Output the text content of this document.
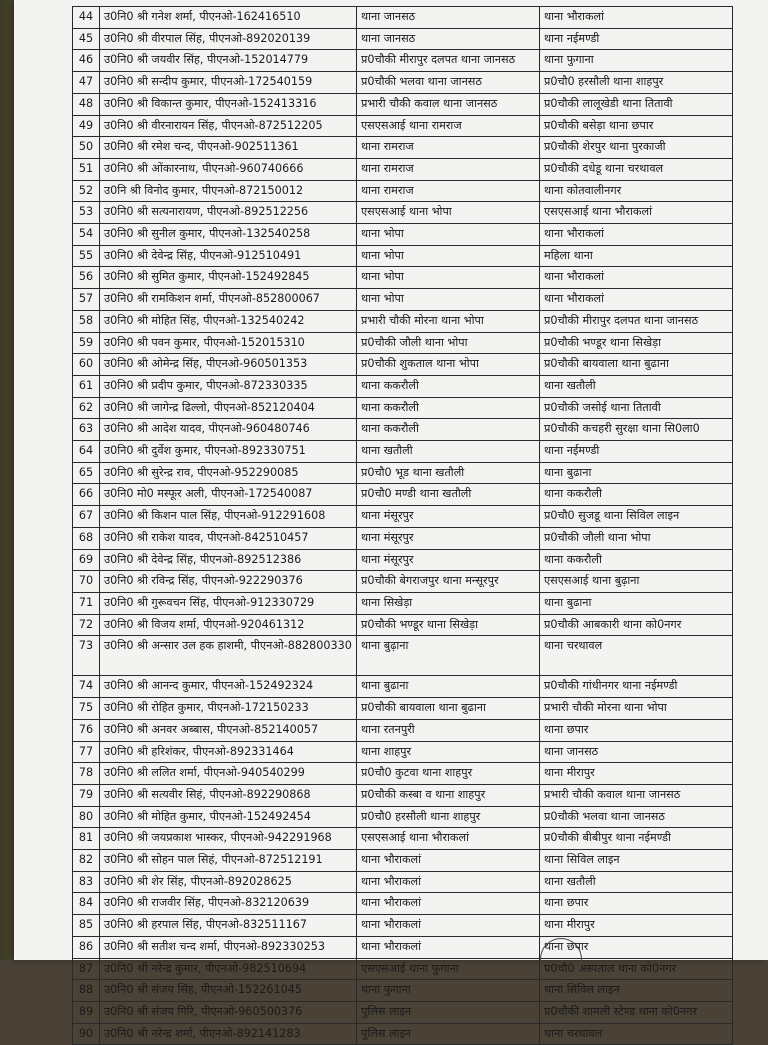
44	उ0नि0 श्री गनेश शर्मा, पीएनओ-162416510	थाना जानसठ	थाना भौराकलां
45	उ0नि0 श्री वीरपाल सिंह, पीएनओ-892020139	थाना जानसठ	थाना नईमण्डी
46	उ0नि0 श्री जयवीर सिंह, पीएनओ-152014779	प्र0चौकी मीरापुर दलपत थाना जानसठ	थाना फुगाना
47	उ0नि0 श्री सन्दीप कुमार, पीएनओ-172540159	प्र0चौकी भलवा थाना जानसठ	प्र0चौ0 हरसौली थाना शाहपुर
48	उ0नि0 श्री विकान्त कुमार, पीएनओ-152413316	प्रभारी चौकी कवाल थाना जानसठ	प्र0चौकी लालूखेडी थाना तितावी
49	उ0नि0 श्री वीरनारायन सिंह, पीएनओ-872512205	एसएसआई थाना रामराज	प्र0चौकी बसेड़ा थाना छपार
50	उ0नि0 श्री रमेश चन्द, पीएनओ-902511361	थाना रामराज	प्र0चौकी शेरपुर थाना पुरकाजी
51	उ0नि0 श्री ओंकारनाथ, पीएनओ-960740666	थाना रामराज	प्र0चौकी दधेडू थाना चरथावल
52	उ0नि श्री विनोद कुमार, पीएनओ-872150012	थाना रामराज	थाना कोतवालीनगर
53	उ0नि0 श्री सत्यनारायण, पीएनओ-892512256	एसएसआई थाना भोपा	एसएसआई थाना भौराकलां
54	उ0नि0 श्री सुनील कुमार, पीएनओ-132540258	थाना भोपा	थाना भौराकलां
55	उ0नि0 श्री देवेन्द्र सिंह, पीएनओ-912510491	थाना भोपा	महिला थाना
56	उ0नि0 श्री सुमित कुमार, पीएनओ-152492845	थाना भोपा	थाना भौराकलां
57	उ0नि0 श्री रामकिशन शर्मा, पीएनओ-852800067	थाना भोपा	थाना भौराकलां
58	उ0नि0 श्री मोहित सिंह, पीएनओ-132540242	प्रभारी चौकी मोरना थाना भोपा	प्र0चौकी मीरापुर दलपत थाना जानसठ
59	उ0नि0 श्री पवन कुमार, पीएनओ-152015310	प्र0चौकी जौली थाना भोपा	प्र0चौकी भण्डूर थाना सिखेड़ा
60	उ0नि0 श्री ओमेन्द्र सिंह, पीएनओ-960501353	प्र0चौकी शुकताल थाना भोपा	प्र0चौकी बायवाला थाना बुढाना
61	उ0नि0 श्री प्रदीप कुमार, पीएनओ-872330335	थाना ककरौली	थाना खतौली
62	उ0नि0 श्री जागेन्द्र ढिल्लो, पीएनओ-852120404	थाना ककरौली	प्र0चौकी जसोई थाना तितावी
63	उ0नि0 श्री आदेश यादव, पीएनओ-960480746	थाना ककरौली	प्र0चौकी कचहरी सुरक्षा थाना सि0ला0
64	उ0नि0 श्री दुर्वेश कुमार, पीएनओ-892330751	थाना खतौली	थाना नईमण्डी
65	उ0नि0 श्री सुरेन्द्र राव, पीएनओ-952290085	प्र0चौ0 भूड थाना खतौली	थाना बुढाना
66	उ0नि0 मो0 मस्फूर अली, पीएनओ-172540087	प्र0चौ0 मण्डी थाना खतौली	थाना ककरौली
67	उ0नि0 श्री किशन पाल सिंह, पीएनओ-912291608	थाना मंसूरपुर	प्र0चौ0 सुजडू थाना सिविल लाइन
68	उ0नि0 श्री राकेश यादव, पीएनओ-842510457	थाना मंसूरपुर	प्र0चौकी जौली थाना भोपा
69	उ0नि0 श्री देवेन्द्र सिंह, पीएनओ-892512386	थाना मंसूरपुर	थाना ककरौली
70	उ0नि0 श्री रविन्द्र सिंह, पीएनओ-922290376	प्र0चौकी बेगराजपुर थाना मन्सूरपुर	एसएसआई थाना बुढ़ाना
71	उ0नि0 श्री गुरूवचन सिंह, पीएनओ-912330729	थाना सिखेड़ा	थाना बुढाना
72	उ0नि0 श्री विजय शर्मा, पीएनओ-920461312	प्र0चौकी भण्डूर थाना सिखेड़ा	प्र0चौकी आबकारी थाना को0नगर
73	उ0नि0 श्री अन्सार उल हक हाशमी, पीएनओ-882800330	थाना बुढ़ाना	थाना चरथावल
74	उ0नि0 श्री आनन्द कुमार, पीएनओ-152492324	थाना बुढाना	प्र0चौकी गांधीनगर थाना नईमण्डी
75	उ0नि0 श्री रोहित कुमार, पीएनओ-172150233	प्र0चौकी बायवाला थाना बुढाना	प्रभारी चौकी मोरना थाना भोपा
76	उ0नि0 श्री अनवर अब्बास, पीएनओ-852140057	थाना रतनपुरी	थाना छपार
77	उ0नि0 श्री हरिशंकर, पीएनओ-892331464	थाना शाहपुर	थाना जानसठ
78	उ0नि0 श्री ललित शर्मा, पीएनओ-940540299	प्र0चौ0 कुटवा थाना शाहपुर	थाना मीरापुर
79	उ0नि0 श्री सत्यवीर सिहं, पीएनओ-892290868	प्र0चौकी कस्बा व थाना शाहपुर	प्रभारी चौकी कवाल थाना जानसठ
80	उ0नि0 श्री मोहित कुमार, पीएनओ-152492454	प्र0चौ0 हरसौली थाना शाहपुर	प्र0चौकी भलवा थाना जानसठ
81	उ0नि0 श्री जयप्रकाश भास्कर, पीएनओ-942291968	एसएसआई थाना भौराकलां	प्र0चौकी बीबीपुर थाना नईमण्डी
82	उ0नि0 श्री सोहन पाल सिहं, पीएनओ-872512191	थाना भौराकलां	थाना सिविल लाइन
83	उ0नि0 श्री शेर सिंह, पीएनओ-892028625	थाना भौराकलां	थाना खतौली
84	उ0नि0 श्री राजवीर सिंह, पीएनओ-832120639	थाना भौराकलां	थाना छपार
85	उ0नि0 श्री हरपाल सिंह, पीएनओ-832511167	थाना भौराकलां	थाना मीरापुर
86	उ0नि0 श्री सतीश चन्द शर्मा, पीएनओ-892330253	थाना भौराकलां	थाना छपार
87	उ0नि0 श्री नरेन्द्र कुमार, पीएनओ-982510694	एसएसआई थाना फुगाना	प्र0चौ0 अस्पताल थाना को0नगर
88	उ0नि0 श्री संजय सिंह, पीएनओ-152261045	थाना फुगाना	थाना सिविल लाइन
89	उ0नि0 श्री संजय गिरि, पीएनओ-960500376	पुलिस लाइन	प्र0चौकी शामली स्टेण्ड थाना को0नगर
90	उ0नि0 श्री नरेन्द्र शर्मा, पीएनओ-892141283	पुलिस लाइन	थाना चरथावल
